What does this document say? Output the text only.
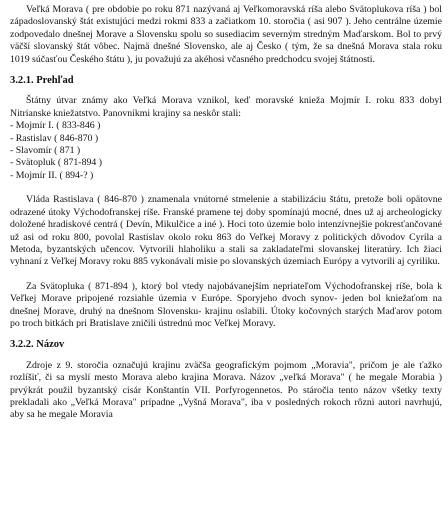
Veľká Morava ( pre obdobie po roku 871 nazývaná aj Veľkomoravská ríša alebo Svätoplukova ríša ) bol západoslovanský štát existujúci medzi rokmi 833 a začiatkom 10. storočia ( asi 907 ). Jeho centrálne územie zodpovedalo dnešnej Morave a Slovensku spolu so susediacim severným stredným Maďarskom. Bol to prvý väčší slovanský štát vôbec. Najmä dnešné Slovensko, ale aj Česko ( tým, že sa dnešná Morava stala roku 1019 súčasťou Českého štátu ), ju považujú za akéhosi včasného predchodcu svojej štátnosti.

3.2.1. Prehľad

Štátny útvar známy ako Veľká Morava vznikol, keď moravské knieža Mojmír I. roku 833 dobyl Nitrianske kniežatstvo. Panovníkmi krajiny sa neskôr stali:

- Mojmír I. ( 833-846 )
- Rastislav ( 846-870 )
- Slavomír ( 871 )
- Svätopluk ( 871-894 )
- Mojmír II. ( 894-? )

Vláda Rastislava ( 846-870 ) znamenala vnútorné stmelenie a stabilizáciu štátu, pretože boli opätovne odrazené útoky Východofranskej ríše. Franské pramene tej doby spomínajú mocné, dnes už aj archeologicky doložené hradiskové centrá ( Devín, Mikulčice a iné ). Hoci toto územie bolo intenzívnejšie pokresťančované už asi od roku 800, povolal Rastislav okolo roku 863 do Veľkej Moravy z politických dôvodov Cyrila a Metoda, byzantských učencov. Vytvorili hlaholiku a stali sa zakladateľmi slovanskej literatúry. Ich žiaci vyhnaní z Veľkej Moravy roku 885 vykonávali misie po slovanských územiach Európy a vytvorili aj cyriliku.

Za Svätopluka ( 871-894 ), ktorý bol vtedy najobávanejším nepriateľom Východofranskej ríše, bola k Veľkej Morave pripojené rozsiahle územia v Európe. Sporyjeho dvoch synov- jeden bol kniežaťom na dnešnej Morave, druhý na dnešnom Slovensku- krajinu oslabili. Útoky kočovných starých Maďarov potom po troch bitkách pri Bratislave zničili ústrednú moc Veľkej Moravy.

3.2.2. Názov

Zdroje z 9. storočia označujú krajinu zväčša geografickým pojmom „Moravia", pričom je ale ťažko rozlíšiť, či sa myslí mesto Morava alebo krajina Morava. Názov „veľká Morava" ( he megale Morabia ) prvýkrát použil byzantský cisár Konštantín VII. Porfyrogennetos. Po stáročia tento názov všetky texty prekladali ako „Veľká Morava" prípadne „Vyšná Morava", iba v posledných rokoch rôzni autori navrhujú, aby sa he megale Moravia
